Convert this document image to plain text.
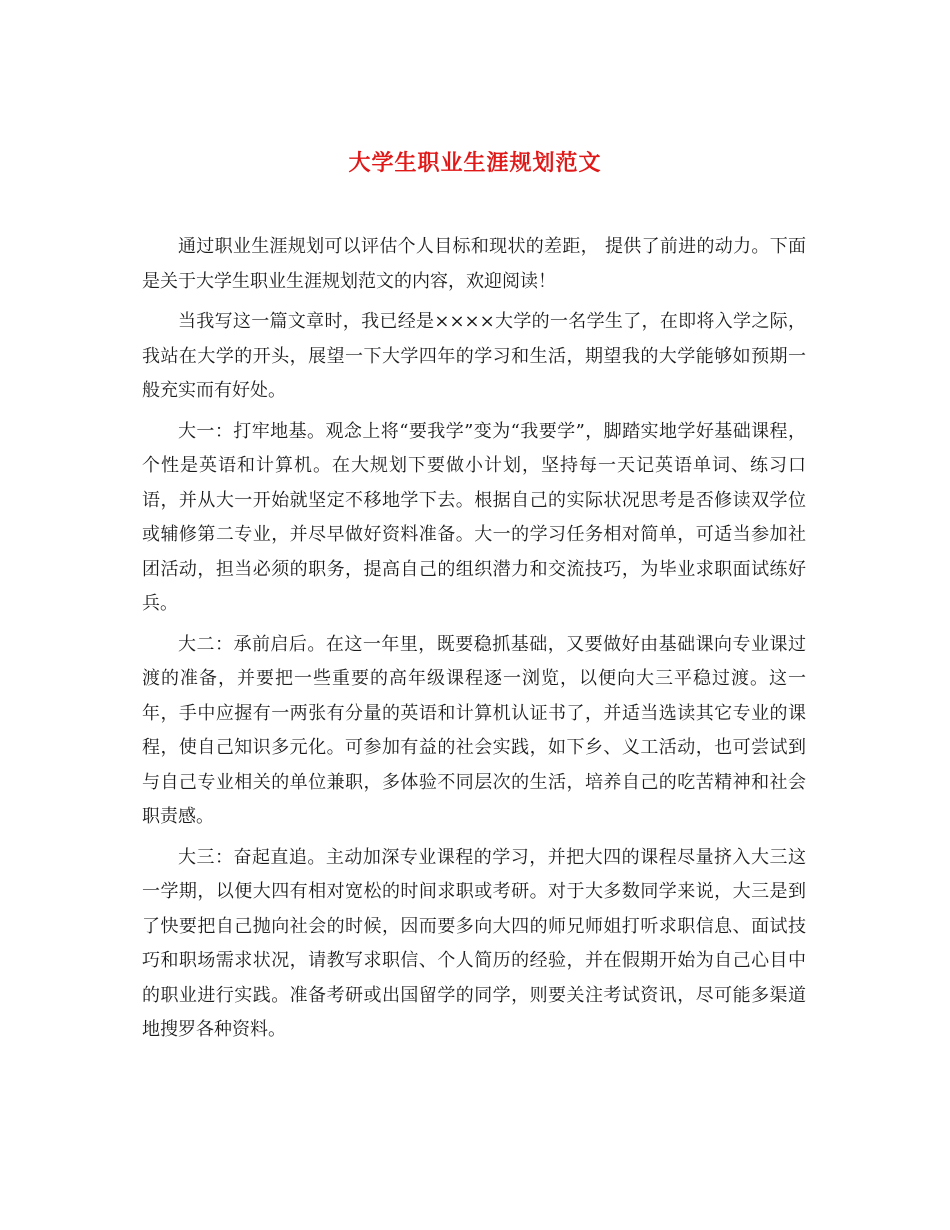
大学生职业生涯规划范文

通过职业生涯规划可以评估个人目标和现状的差距， 提供了前进的动力。下面是关于大学生职业生涯规划范文的内容，欢迎阅读！

当我写这一篇文章时，我已经是××××大学的一名学生了，在即将入学之际，我站在大学的开头，展望一下大学四年的学习和生活，期望我的大学能够如预期一般充实而有好处。

大一：打牢地基。观念上将“要我学”变为“我要学”，脚踏实地学好基础课程，个性是英语和计算机。在大规划下要做小计划，坚持每一天记英语单词、练习口语，并从大一开始就坚定不移地学下去。根据自己的实际状况思考是否修读双学位或辅修第二专业，并尽早做好资料准备。大一的学习任务相对简单，可适当参加社团活动，担当必须的职务，提高自己的组织潜力和交流技巧，为毕业求职面试练好兵。

大二：承前启后。在这一年里，既要稳抓基础，又要做好由基础课向专业课过渡的准备，并要把一些重要的高年级课程逐一浏览，以便向大三平稳过渡。这一年，手中应握有一两张有分量的英语和计算机认证书了，并适当选读其它专业的课程，使自己知识多元化。可参加有益的社会实践，如下乡、义工活动，也可尝试到与自己专业相关的单位兼职，多体验不同层次的生活，培养自己的吃苦精神和社会职责感。

大三：奋起直追。主动加深专业课程的学习，并把大四的课程尽量挤入大三这一学期，以便大四有相对宽松的时间求职或考研。对于大多数同学来说，大三是到了快要把自己抛向社会的时候，因而要多向大四的师兄师姐打听求职信息、面试技巧和职场需求状况，请教写求职信、个人简历的经验，并在假期开始为自己心目中的职业进行实践。准备考研或出国留学的同学，则要关注考试资讯，尽可能多渠道地搜罗各种资料。
